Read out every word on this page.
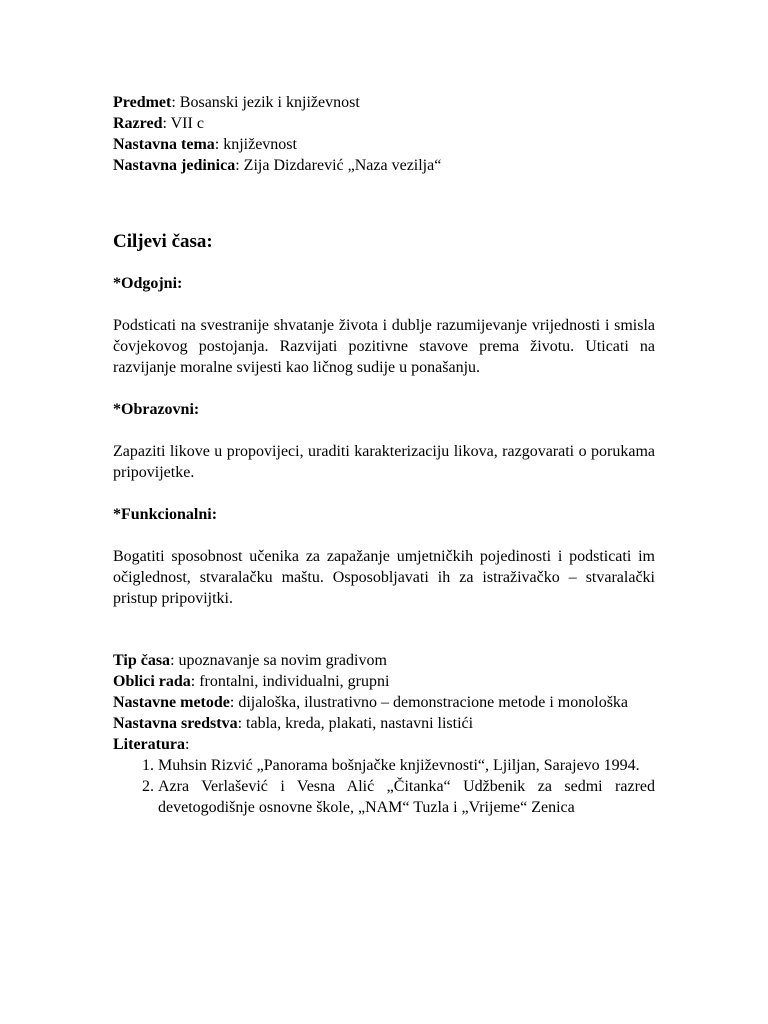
Predmet: Bosanski jezik i književnost

Razred: VII c

Nastavna tema: književnost

Nastavna jedinica: Zija Dizdarević „Naza vezilja“

Ciljevi časa:

*Odgojni:

Podsticati na svestranije shvatanje života i dublje razumijevanje vrijednosti i smisla čovjekovog postojanja. Razvijati pozitivne stavove prema životu. Uticati na razvijanje moralne svijesti kao ličnog sudije u ponašanju.

*Obrazovni:

Zapaziti likove u propovijeci, uraditi karakterizaciju likova, razgovarati o porukama pripovijetke.

*Funkcionalni:

Bogatiti sposobnost učenika za zapažanje umjetničkih pojedinosti i podsticati im očiglednost, stvaralačku maštu. Osposobljavati ih za istraživačko – stvaralački pristup pripovijtki.

Tip časa: upoznavanje sa novim gradivom

Oblici rada: frontalni, individualni, grupni

Nastavne metode: dijaloška, ilustrativno – demonstracione metode i monološka

Nastavna sredstva: tabla, kreda, plakati, nastavni listići

Literatura:

1. Muhsin Rizvić „Panorama bošnjačke književnosti“, Ljiljan, Sarajevo 1994.
2. Azra Verlašević i Vesna Alić „Čitanka“ Udžbenik za sedmi razred devetogodišnje osnovne škole, „NAM“ Tuzla i „Vrijeme“ Zenica
